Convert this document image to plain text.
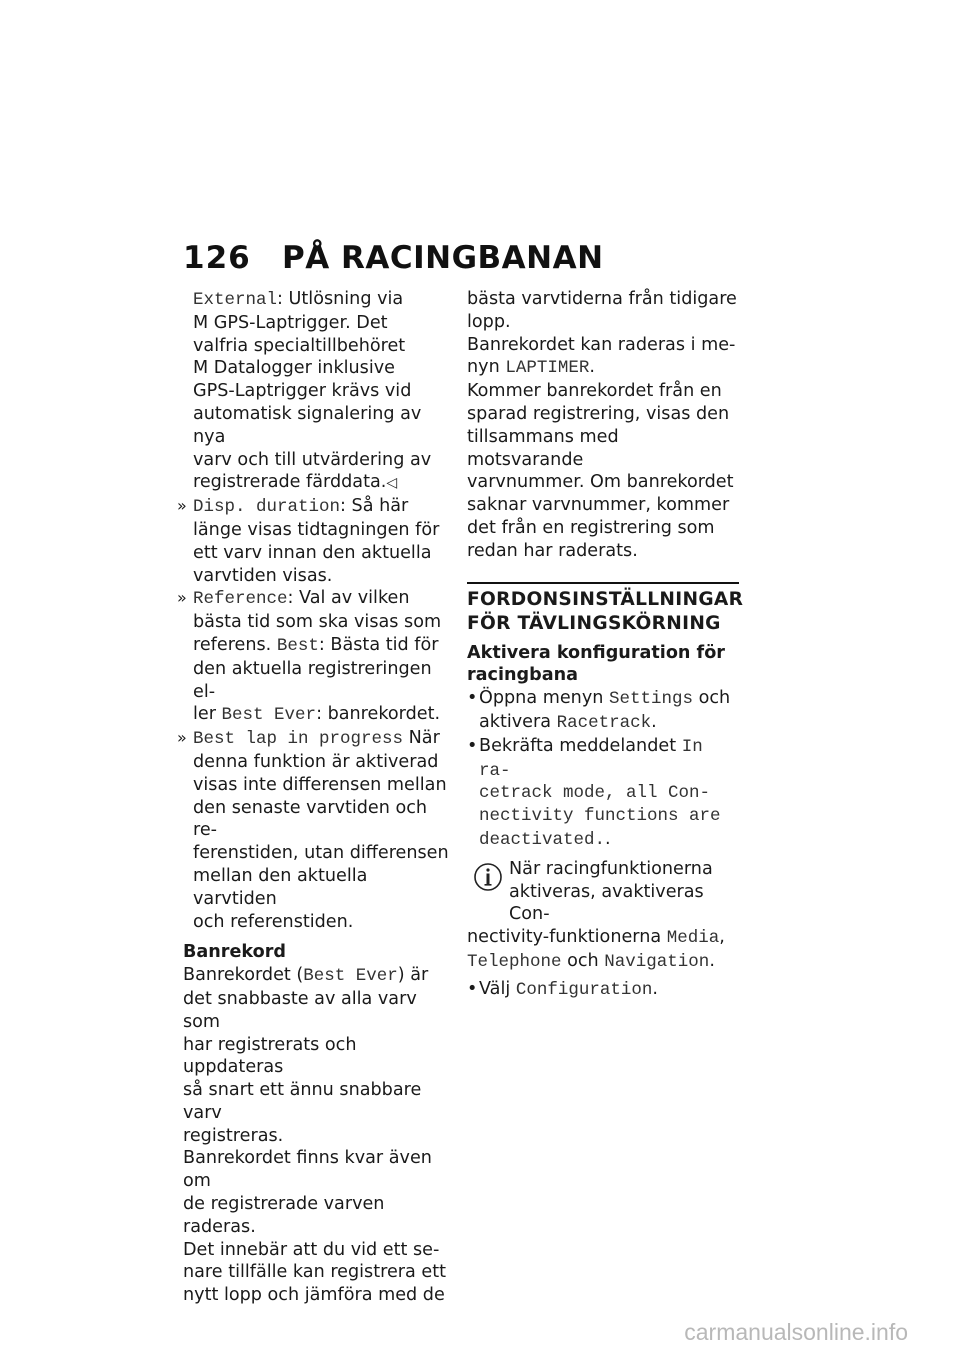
126 PÅ RACINGBANAN
External: Utlösning via
M GPS-Laptrigger. Det
valfria specialtillbehöret
M Datalogger inklusive
GPS-Laptrigger krävs vid
automatisk signalering av nya
varv och till utvärdering av
registrerade färddata.◁
» Disp. duration: Så här
länge visas tidtagningen för
ett varv innan den aktuella
varvtiden visas.
» Reference: Val av vilken
bästa tid som ska visas som
referens. Best: Bästa tid för
den aktuella registreringen el-
ler Best Ever: banrekordet.
» Best lap in progress När
denna funktion är aktiverad
visas inte differensen mellan
den senaste varvtiden och re-
ferenstiden, utan differensen
mellan den aktuella varvtiden
och referenstiden.
Banrekord
Banrekordet (Best Ever) är
det snabbaste av alla varv som
har registrerats och uppdateras
så snart ett ännu snabbare varv
registreras.
Banrekordet finns kvar även om
de registrerade varven raderas.
Det innebär att du vid ett se-
nare tillfälle kan registrera ett
nytt lopp och jämföra med de
bästa varvtiderna från tidigare
lopp.
Banrekordet kan raderas i me-
nyn LAPTIMER.
Kommer banrekordet från en
sparad registrering, visas den
tillsammans med motsvarande
varvnummer. Om banrekordet
saknar varvnummer, kommer
det från en registrering som
redan har raderats.
FORDONSINSTÄLLNINGAR
FÖR TÄVLINGSKÖRNING
Aktivera konfiguration för
racingbana
• Öppna menyn Settings och
aktivera Racetrack.
• Bekräfta meddelandet In ra-
cetrack mode, all Con-
nectivity functions are
deactivated..
När racingfunktionerna
aktiveras, avaktiveras Con-
nectivity-funktionerna Media,
Telephone och Navigation.
• Välj Configuration.
carmanualsonline.info
